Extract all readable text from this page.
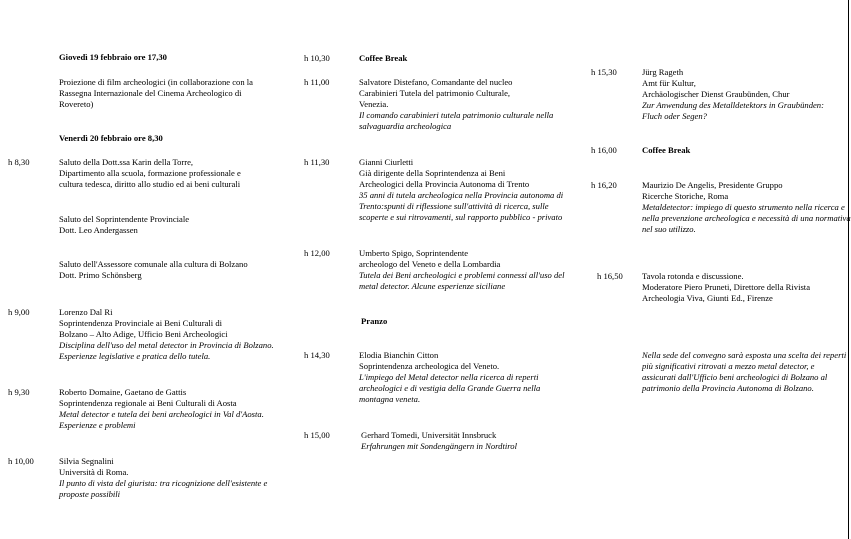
Giovedì 19 febbraio ore 17,30
Proiezione di film archeologici (in collaborazione con la
Rassegna Internazionale del Cinema Archeologico di
Rovereto)
Venerdì 20 febbraio ore 8,30
h 8,30	Saluto della Dott.ssa Karin della Torre,
Dipartimento alla scuola, formazione professionale e
cultura tedesca, diritto allo studio ed ai beni culturali
Saluto del Soprintendente Provinciale
Dott. Leo Andergassen
Saluto dell'Assessore comunale alla cultura di Bolzano
Dott. Primo Schönsberg
h 9,00	Lorenzo Dal Ri
Soprintendenza Provinciale ai Beni Culturali di
Bolzano – Alto Adige, Ufficio Beni Archeologici
Disciplina dell'uso del metal detector in Provincia di Bolzano.
Esperienze legislative e pratica dello tutela.
h 9,30	Roberto Domaine, Gaetano de Gattis
Soprintendenza regionale ai Beni Culturali di Aosta
Metal detector e tutela dei beni archeologici in Val d'Aosta.
Esperienze e problemi
h 10,00	Silvia Segnalini
Università di Roma.
Il punto di vista del giurista: tra ricognizione dell'esistente e
proposte possibili
h 10,30	Coffee Break
h 11,00	Salvatore Distefano, Comandante del nucleo
Carabinieri Tutela del patrimonio Culturale,
Venezia.
Il comando carabinieri tutela patrimonio culturale nella
salvaguardia archeologica
h 11,30	Gianni Ciurletti
Già dirigente della Soprintendenza ai Beni
Archeologici della Provincia Autonoma di Trento
35 anni di tutela archeologica nella Provincia autonoma di
Trento:spunti di riflessione sull'attività di ricerca, sulle
scoperte e sui ritrovamenti, sul rapporto pubblico - privato
h 12,00	Umberto Spigo, Soprintendente
archeologo del Veneto e della Lombardia
Tutela dei Beni archeologici e problemi connessi all'uso del
metal detector. Alcune esperienze siciliane
Pranzo
h 14,30	Elodia Bianchin Citton
Soprintendenza archeologica del Veneto.
L'impiego del Metal detector nella ricerca di reperti
archeologici e di vestigia della Grande Guerra nella
montagna veneta.
h 15,00	Gerhard Tomedi, Universität Innsbruck
Erfahrungen mit Sondengängern in Nordtirol
h 15,30	Jürg Rageth
Amt für Kultur,
Archäologischer Dienst Graubünden, Chur
Zur Anwendung des Metalldetektors in Graubünden:
Fluch oder Segen?
h 16,00	Coffee Break
h 16,20	Maurizio De Angelis, Presidente Gruppo
Ricerche Storiche, Roma
Metaldetector: impiego di questo strumento nella ricerca e
nella prevenzione archeologica e necessità di una normativa
nel suo utilizzo.
h 16,50 Tavola rotonda e discussione.
Moderatore Piero Pruneti, Direttore della Rivista
Archeologia Viva, Giunti Ed., Firenze
Nella sede del convegno sarà esposta una scelta dei reperti
più significativi ritrovati a mezzo metal detector, e
assicurati dall'Ufficio beni archeologici di Bolzano al
patrimonio della Provincia Autonoma di Bolzano.
